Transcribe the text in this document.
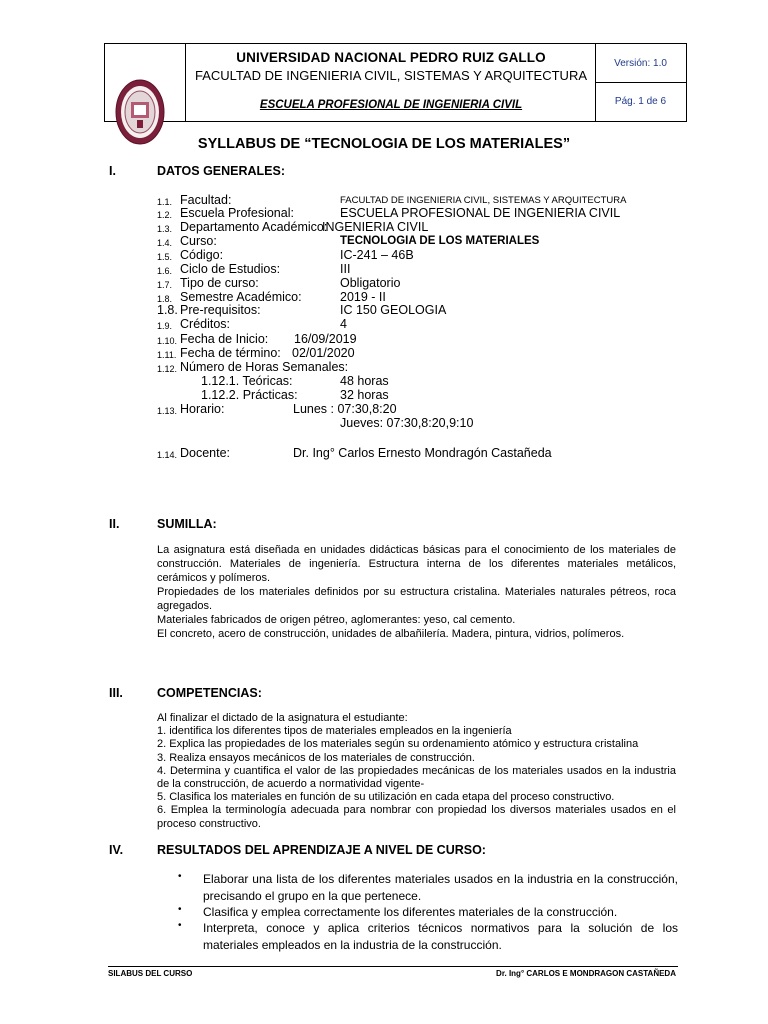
UNIVERSIDAD NACIONAL PEDRO RUIZ GALLO
FACULTAD DE INGENIERIA CIVIL, SISTEMAS Y ARQUITECTURA
ESCUELA PROFESIONAL DE INGENIERIA CIVIL
Versión: 1.0
Pág. 1 de 6
SYLLABUS DE “TECNOLOGIA DE LOS MATERIALES”
I.	DATOS GENERALES:
1.1. Facultad:	FACULTAD DE INGENIERIA CIVIL, SISTEMAS Y ARQUITECTURA
1.2. Escuela Profesional:	ESCUELA PROFESIONAL DE INGENIERIA CIVIL
1.3. Departamento Académico:
INGENIERIA CIVIL
1.4. Curso:	TECNOLOGIA DE LOS MATERIALES
1.5. Código:	IC-241 – 46B
1.6. Ciclo de Estudios:	III
1.7. Tipo de curso:	Obligatorio
1.8. Semestre Académico:	2019 - II
1.8. Pre-requisitos:	IC 150 GEOLOGIA
1.9. Créditos:	4
1.10. Fecha de Inicio: 16/09/2019
1.11. Fecha de término: 02/01/2020
1.12. Número de Horas Semanales:
1.12.1. Teóricas:	48 horas
1.12.2. Prácticas:	32 horas
1.13. Horario:	Lunes : 07:30,8:20
Jueves: 07:30,8:20,9:10
1.14. Docente:	Dr. Ing° Carlos Ernesto Mondragón Castañeda
II.	SUMILLA:

La asignatura está diseñada en unidades didácticas básicas para el conocimiento de los materiales de construcción. Materiales de ingeniería. Estructura interna de los diferentes materiales metálicos, cerámicos y polímeros.

Propiedades de los materiales definidos por su estructura cristalina. Materiales naturales pétreos, roca agregados.

Materiales fabricados de origen pétreo, aglomerantes: yeso, cal cemento.

El concreto, acero de construcción, unidades de albañilería. Madera, pintura, vidrios, polímeros.

III.	COMPETENCIAS:

Al finalizar el dictado de la asignatura el estudiante:

1. identifica los diferentes tipos de materiales empleados en la ingeniería

2. Explica las propiedades de los materiales según su ordenamiento atómico y estructura cristalina

3. Realiza ensayos mecánicos de los materiales de construcción.

4. Determina y cuantifica el valor de las propiedades mecánicas de los materiales usados en la industria de la construcción, de acuerdo a normatividad vigente-

5. Clasifica los materiales en función de su utilización en cada etapa del proceso constructivo.

6. Emplea la terminología adecuada para nombrar con propiedad los diversos materiales usados en el proceso constructivo.

IV.	RESULTADOS DEL APRENDIZAJE A NIVEL DE CURSO:
• Elaborar una lista de los diferentes materiales usados en la industria en la construcción, precisando el grupo en la que pertenece.
• Clasifica y emplea correctamente los diferentes materiales de la construcción.
• Interpreta, conoce y aplica criterios técnicos normativos para la solución de los materiales empleados en la industria de la construcción.
SILABUS DEL CURSO	Dr. Ing° CARLOS E MONDRAGON CASTAÑEDA
